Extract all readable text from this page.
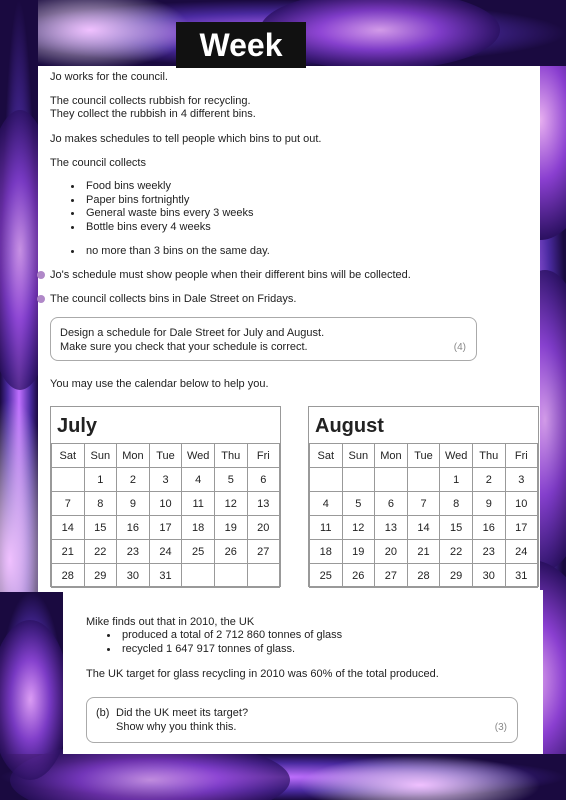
Week
Jo works for the council.
The council collects rubbish for recycling.
They collect the rubbish in 4 different bins.
Jo makes schedules to tell people which bins to put out.
The council collects
Food bins weekly
Paper bins fortnightly
General waste bins every 3 weeks
Bottle bins every 4 weeks
no more than 3 bins on the same day.
Jo's schedule must show people when their different bins will be collected.
The council collects bins in Dale Street on Fridays.
Design a schedule for Dale Street for July and August.
Make sure you check that your schedule is correct.	(4)
You may use the calendar below to help you.
July
Sat	Sun	Mon	Tue	Wed	Thu	Fri
	1	2	3	4	5	6
7	8	9	10	11	12	13
14	15	16	17	18	19	20
21	22	23	24	25	26	27
28	29	30	31			
August
Sat	Sun	Mon	Tue	Wed	Thu	Fri
				1	2	3
4	5	6	7	8	9	10
11	12	13	14	15	16	17
18	19	20	21	22	23	24
25	26	27	28	29	30	31
Mike finds out that in 2010, the UK
produced a total of 2 712 860 tonnes of glass
recycled 1 647 917 tonnes of glass.
The UK target for glass recycling in 2010 was 60% of the total produced.
(b) Did the UK meet its target?
Show why you think this.	(3)
